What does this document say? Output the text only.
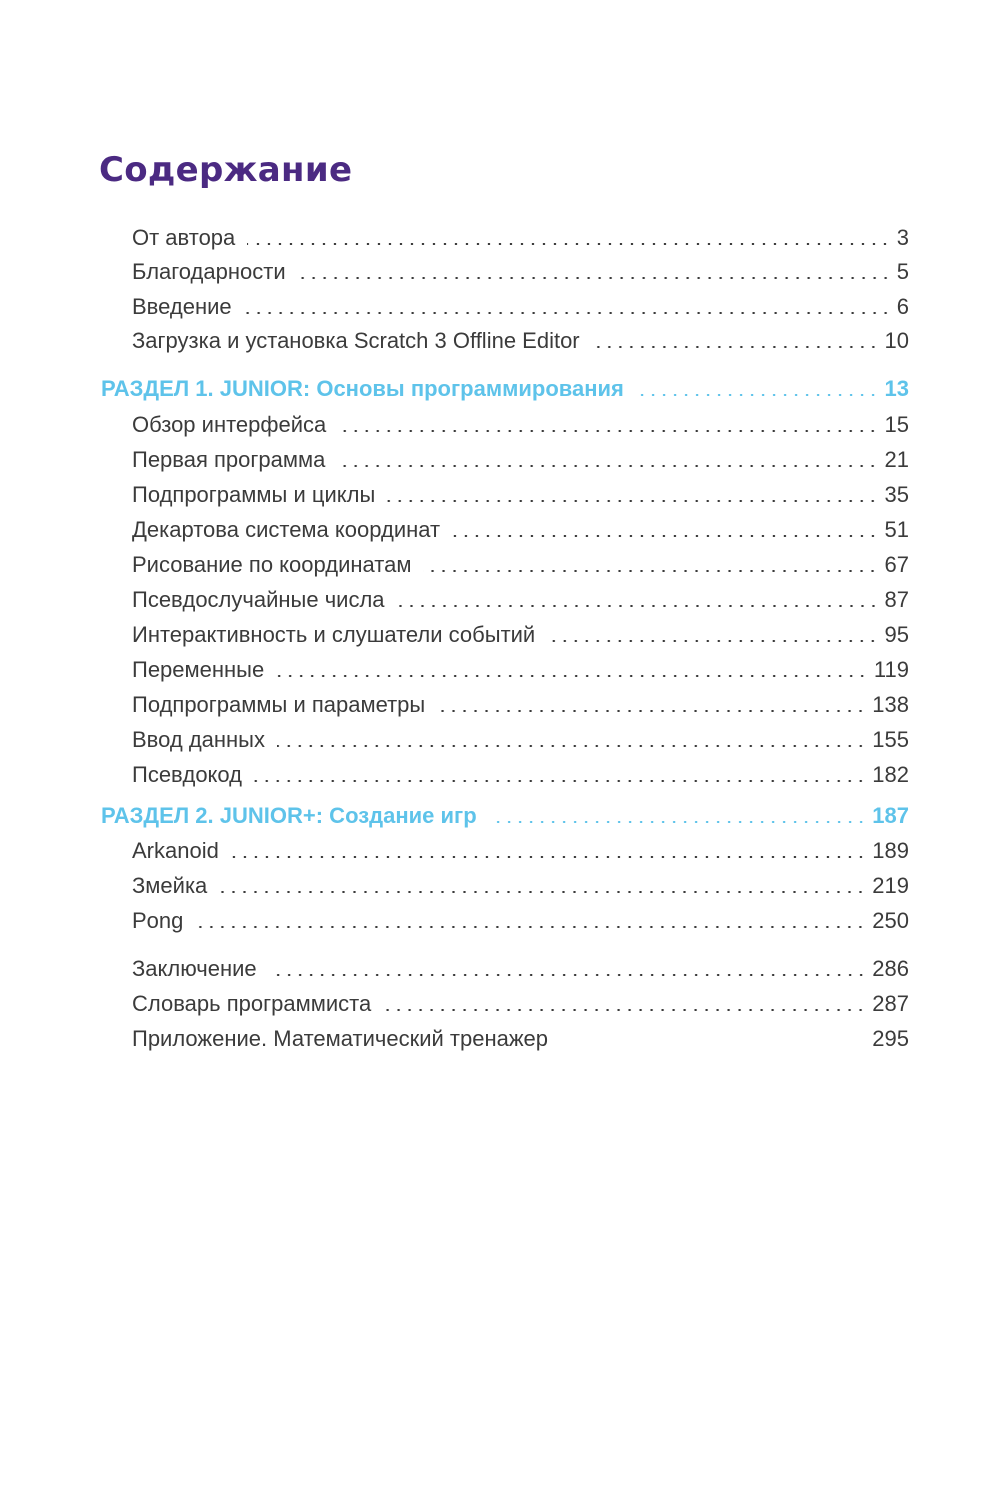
Содержание
От автора	3
Благодарности	5
Введение	6
Загрузка и установка Scratch 3 Offline Editor	10
РАЗДЕЛ 1. JUNIOR: Основы программирования	13
Обзор интерфейса	15
Первая программа	21
Подпрограммы и циклы	35
Декартова система координат	51
Рисование по координатам	67
Псевдослучайные числа	87
Интерактивность и слушатели событий	95
Переменные	119
Подпрограммы и параметры	138
Ввод данных	155
Псевдокод	182
РАЗДЕЛ 2. JUNIOR+: Создание игр	187
Arkanoid	189
Змейка	219
Pong	250
Заключение	286
Словарь программиста	287
Приложение. Математический тренажер	295
